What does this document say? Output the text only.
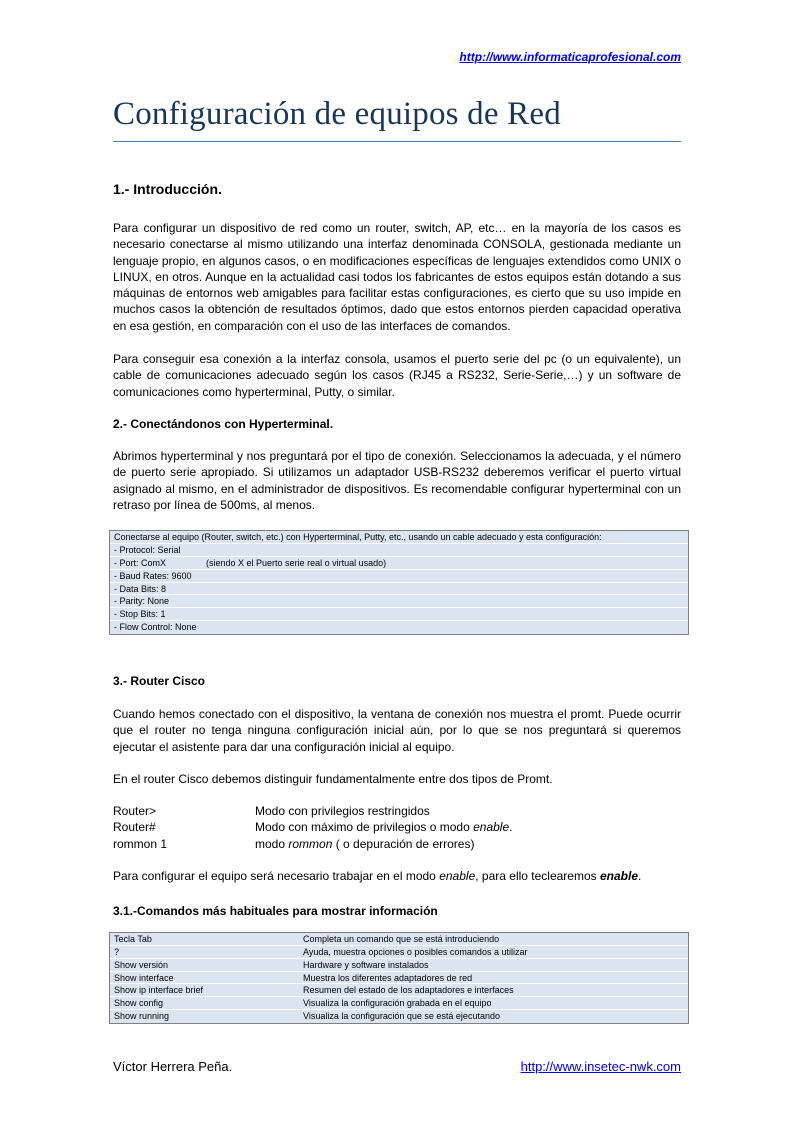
http://www.informaticaprofesional.com
Configuración de equipos de Red
1.- Introducción.

Para configurar un dispositivo de red como un router, switch, AP, etc… en la mayoría de los casos es necesario conectarse al mismo utilizando una interfaz denominada CONSOLA, gestionada mediante un lenguaje propio, en algunos casos, o en modificaciones específicas de lenguajes extendidos como UNIX o LINUX, en otros. Aunque en la actualidad casi todos los fabricantes de estos equipos están dotando a sus máquinas de entornos web amigables para facilitar estas configuraciones, es cierto que su uso impide en muchos casos la obtención de resultados óptimos, dado que estos entornos pierden capacidad operativa en esa gestión, en comparación con el uso de las interfaces de comandos.

Para conseguir esa conexión a la interfaz consola, usamos el puerto serie del pc (o un equivalente), un cable de comunicaciones adecuado según los casos (RJ45 a RS232, Serie-Serie,…) y un software de comunicaciones como hyperterminal, Putty, o similar.

2.- Conectándonos con Hyperterminal.

Abrimos hyperterminal y nos preguntará por el tipo de conexión. Seleccionamos la adecuada, y el número de puerto serie apropiado. Si utilizamos un adaptador USB-RS232 deberemos verificar el puerto virtual asignado al mismo, en el administrador de dispositivos. Es recomendable configurar hyperterminal con un retraso por línea de 500ms, al menos.

Conectarse al equipo (Router, switch, etc.) con Hyperterminal, Putty, etc., usando un cable adecuado y esta configuración:
- Protocol: Serial
- Port: ComX	(siendo X el Puerto serie real o virtual usado)
- Baud Rates: 9600
- Data Bits: 8
- Parity: None
- Stop Bits: 1
- Flow Control: None
3.- Router Cisco

Cuando hemos conectado con el dispositivo, la ventana de conexión nos muestra el promt. Puede ocurrir que el router no tenga ninguna configuración inicial aún, por lo que se nos preguntará si queremos ejecutar el asistente para dar una configuración inicial al equipo.

En el router Cisco debemos distinguir fundamentalmente entre dos tipos de Promt.

Router>	Modo con privilegios restringidos
Router#	Modo con máximo de privilegios o modo enable.
rommon 1	modo rommon ( o depuración de errores)

Para configurar el equipo será necesario trabajar en el modo enable, para ello teclearemos enable.

3.1.-Comandos más habituales para mostrar información
Tecla Tab	Completa un comando que se está introduciendo
?	Ayuda, muestra opciones o posibles comandos a utilizar
Show versión	Hardware y software instalados
Show interface	Muestra los diferentes adaptadores de red
Show ip interface brief	Resumen del estado de los adaptadores e interfaces
Show config	Visualiza la configuración grabada en el equipo
Show running	Visualiza la configuración que se está ejecutando
Víctor Herrera Peña.	http://www.insetec-nwk.com
